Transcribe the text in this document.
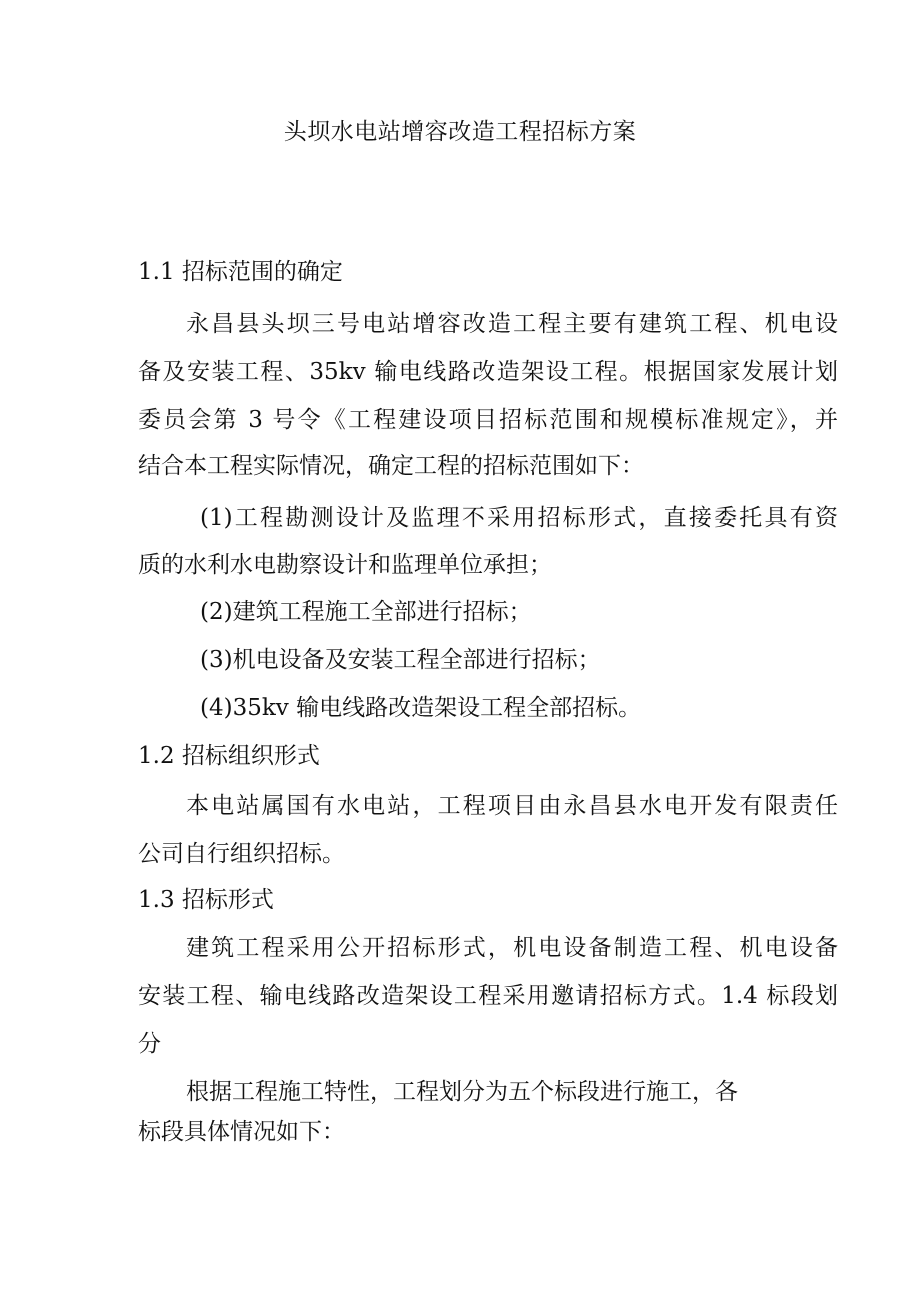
头坝水电站增容改造工程招标方案
1.1 招标范围的确定
永昌县头坝三号电站增容改造工程主要有建筑工程、机电设
备及安装工程、35kv 输电线路改造架设工程。根据国家发展计划
委员会第 3 号令《工程建设项目招标范围和规模标准规定》，并
结合本工程实际情况，确定工程的招标范围如下：
(1)工程勘测设计及监理不采用招标形式，直接委托具有资
质的水利水电勘察设计和监理单位承担；
(2)建筑工程施工全部进行招标；
(3)机电设备及安装工程全部进行招标；
(4)35kv 输电线路改造架设工程全部招标。
1.2 招标组织形式
本电站属国有水电站，工程项目由永昌县水电开发有限责任
公司自行组织招标。
1.3 招标形式
建筑工程采用公开招标形式，机电设备制造工程、机电设备
安装工程、输电线路改造架设工程采用邀请招标方式。1.4 标段划
分
根据工程施工特性，工程划分为五个标段进行施工，各
标段具体情况如下：
